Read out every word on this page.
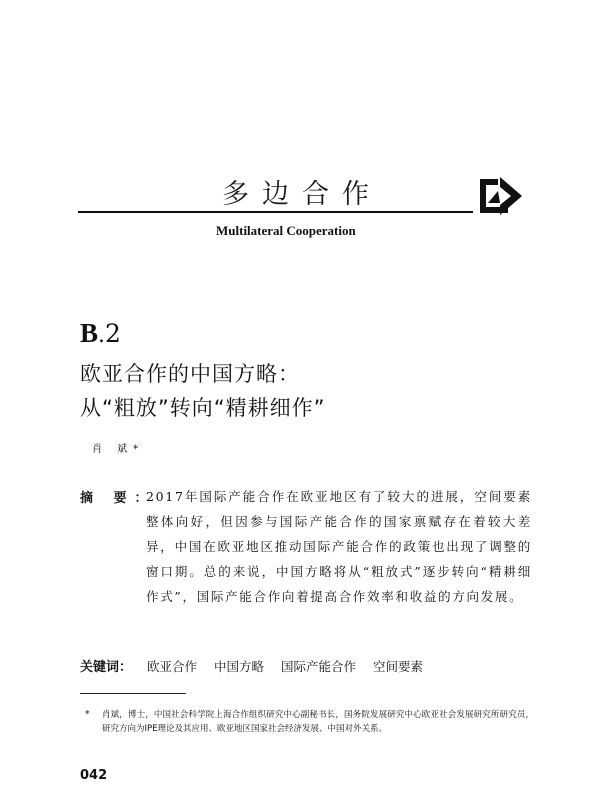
多边合作
Multilateral Cooperation
B.2
欧亚合作的中国方略：
从“粗放”转向“精耕细作”
肖 斌*
摘 要：
2017年国际产能合作在欧亚地区有了较大的进展，空间要素整体向好，但因参与国际产能合作的国家禀赋存在着较大差异，中国在欧亚地区推动国际产能合作的政策也出现了调整的窗口期。总的来说，中国方略将从“粗放式”逐步转向“精耕细作式”，国际产能合作向着提高合作效率和收益的方向发展。
关键词： 欧亚合作 中国方略 国际产能合作 空间要素
* 肖斌，博士，中国社会科学院上海合作组织研究中心副秘书长，国务院发展研究中心欧亚社会发展研究所研究员，研究方向为IPE理论及其应用、欧亚地区国家社会经济发展、中国对外关系。
042
